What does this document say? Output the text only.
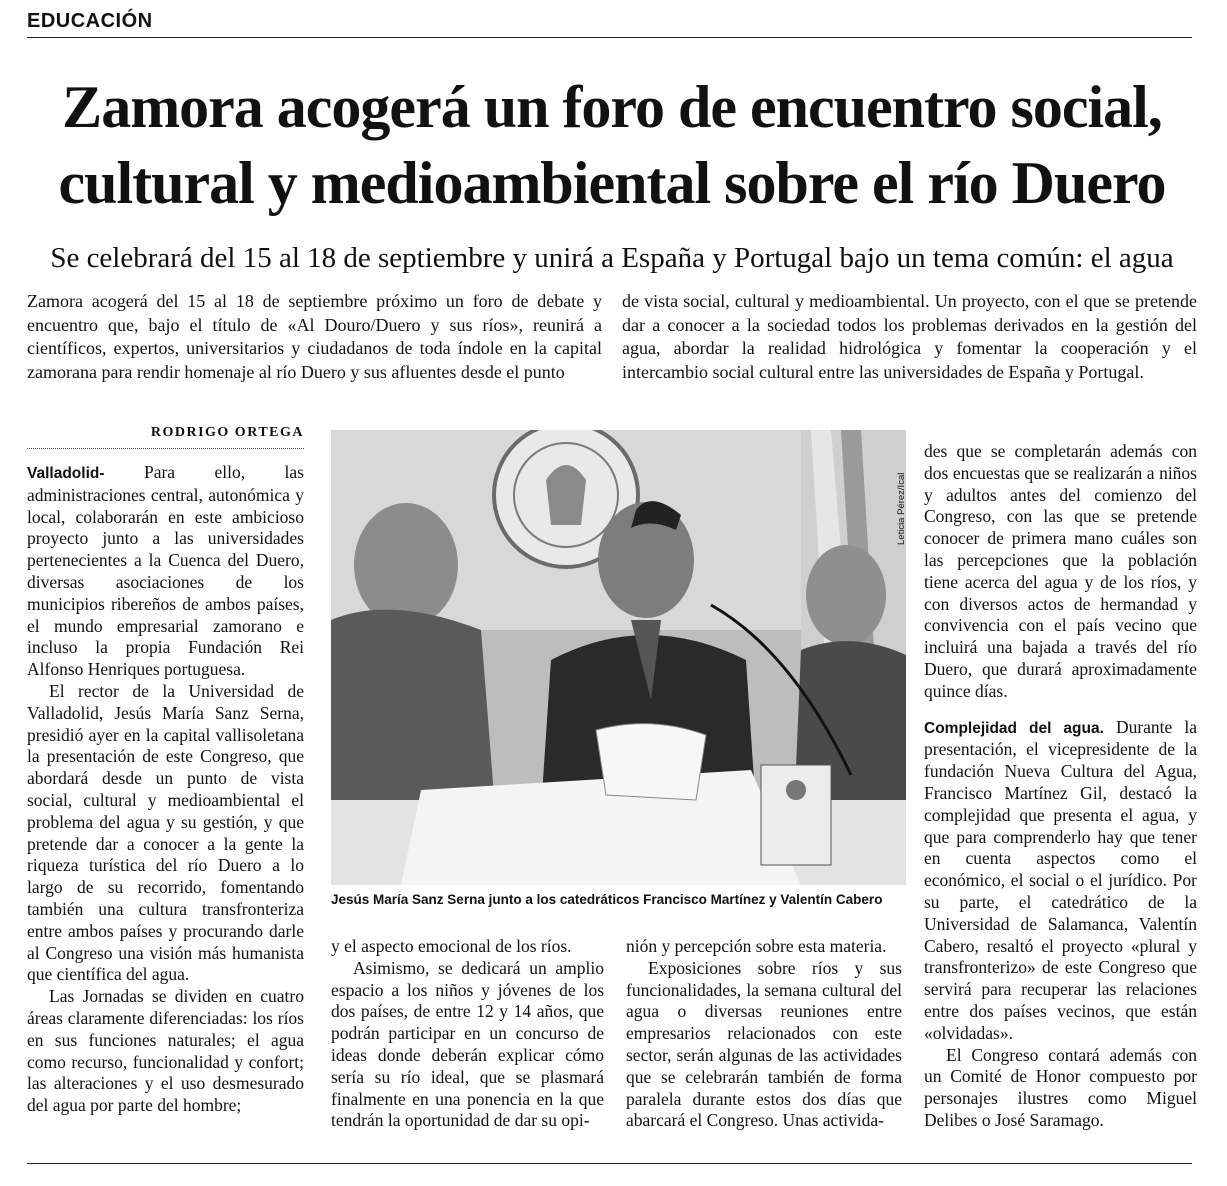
EDUCACIÓN
Zamora acogerá un foro de encuentro social,
cultural y medioambiental sobre el río Duero
Se celebrará del 15 al 18 de septiembre y unirá a España y Portugal bajo un tema común: el agua
Zamora acogerá del 15 al 18 de septiembre próximo un foro de debate y encuentro que, bajo el título de «Al Douro/Duero y sus ríos», reunirá a científicos, expertos, universitarios y ciudadanos de toda índole en la capital zamorana para rendir homenaje al río Duero y sus afluentes desde el punto
de vista social, cultural y medioambiental. Un proyecto, con el que se pretende dar a conocer a la sociedad todos los problemas derivados en la gestión del agua, abordar la realidad hidrológica y fomentar la cooperación y el intercambio social cultural entre las universidades de España y Portugal.
RODRIGO ORTEGA

Valladolid- Para ello, las administraciones central, autonómica y local, colaborarán en este ambicioso proyecto junto a las universidades pertenecientes a la Cuenca del Duero, diversas asociaciones de los municipios ribereños de ambos países, el mundo empresarial zamorano e incluso la propia Fundación Rei Alfonso Henriques portuguesa.

El rector de la Universidad de Valladolid, Jesús María Sanz Serna, presidió ayer en la capital vallisoletana la presentación de este Congreso, que abordará desde un punto de vista social, cultural y medioambiental el problema del agua y su gestión, y que pretende dar a conocer a la gente la riqueza turística del río Duero a lo largo de su recorrido, fomentando también una cultura transfronteriza entre ambos países y procurando darle al Congreso una visión más humanista que científica del agua.

Las Jornadas se dividen en cuatro áreas claramente diferenciadas: los ríos en sus funciones naturales; el agua como recurso, funcionalidad y confort; las alteraciones y el uso desmesurado del agua por parte del hombre;

Leticia Pérez/Ical
Jesús María Sanz Serna junto a los catedráticos Francisco Martínez y Valentín Cabero

y el aspecto emocional de los ríos.

Asimismo, se dedicará un amplio espacio a los niños y jóvenes de los dos países, de entre 12 y 14 años, que podrán participar en un concurso de ideas donde deberán explicar cómo sería su río ideal, que se plasmará finalmente en una ponencia en la que tendrán la oportunidad de dar su opi-

nión y percepción sobre esta materia.

Exposiciones sobre ríos y sus funcionalidades, la semana cultural del agua o diversas reuniones entre empresarios relacionados con este sector, serán algunas de las actividades que se celebrarán también de forma paralela durante estos dos días que abarcará el Congreso. Unas activida-

des que se completarán además con dos encuestas que se realizarán a niños y adultos antes del comienzo del Congreso, con las que se pretende conocer de primera mano cuáles son las percepciones que la población tiene acerca del agua y de los ríos, y con diversos actos de hermandad y convivencia con el país vecino que incluirá una bajada a través del río Duero, que durará aproximadamente quince días.

Complejidad del agua. Durante la presentación, el vicepresidente de la fundación Nueva Cultura del Agua, Francisco Martínez Gil, destacó la complejidad que presenta el agua, y que para comprenderlo hay que tener en cuenta aspectos como el económico, el social o el jurídico. Por su parte, el catedrático de la Universidad de Salamanca, Valentín Cabero, resaltó el proyecto «plural y transfronterizo» de este Congreso que servirá para recuperar las relaciones entre dos países vecinos, que están «olvidadas».

El Congreso contará además con un Comité de Honor compuesto por personajes ilustres como Miguel Delibes o José Saramago.
